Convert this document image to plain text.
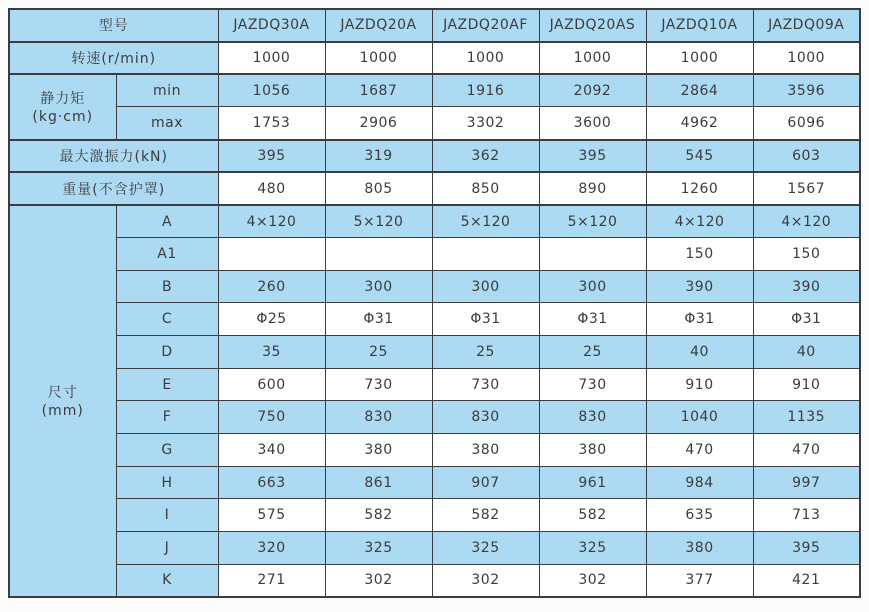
型号		JAZDQ30A	JAZDQ20A	JAZDQ20AF	JAZDQ20AS	JAZDQ10A	JAZDQ09A
转速(r/min)		1000	1000	1000	1000	1000	1000
静力矩
(kg·cm)	min	1056	1687	1916	2092	2864	3596
	max	1753	2906	3302	3600	4962	6096
最大激振力(kN)		395	319	362	395	545	603
重量(不含护罩)		480	805	850	890	1260	1567
尺寸
(mm)	A	4×120	5×120	5×120	5×120	4×120	4×120
	A1					150	150
	B	260	300	300	300	390	390
	C	Φ25	Φ31	Φ31	Φ31	Φ31	Φ31
	D	35	25	25	25	40	40
	E	600	730	730	730	910	910
	F	750	830	830	830	1040	1135
	G	340	380	380	380	470	470
	H	663	861	907	961	984	997
	I	575	582	582	582	635	713
	J	320	325	325	325	380	395
	K	271	302	302	302	377	421
